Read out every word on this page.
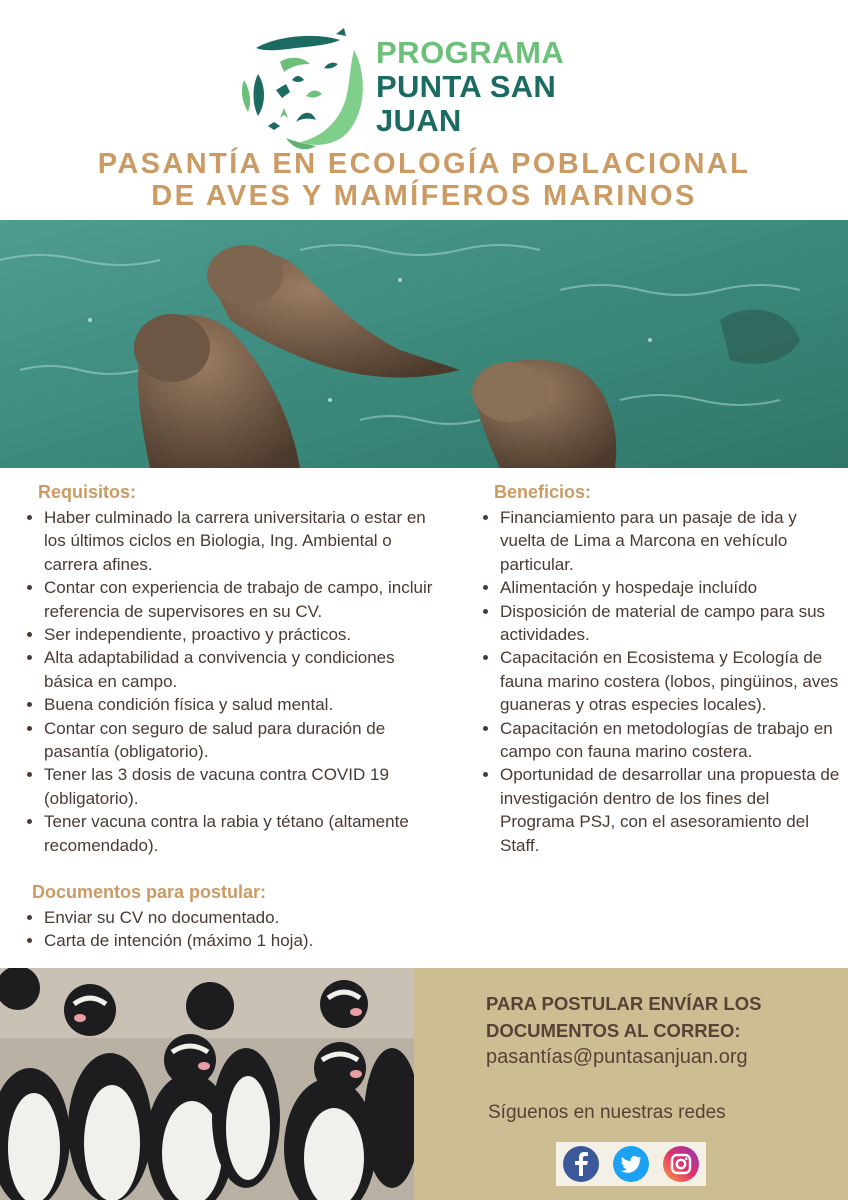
PROGRAMA
PUNTA SAN JUAN
PASANTÍA EN ECOLOGÍA POBLACIONAL
DE AVES Y MAMÍFEROS MARINOS
Requisitos:
• Haber culminado la carrera universitaria o estar en los últimos ciclos en Biologia, Ing. Ambiental o carrera afines.
• Contar con experiencia de trabajo de campo, incluir referencia de supervisores en su CV.
• Ser independiente, proactivo y prácticos.
• Alta adaptabilidad a convivencia y condiciones básica en campo.
• Buena condición física y salud mental.
• Contar con seguro de salud para duración de pasantía (obligatorio).
• Tener las 3 dosis de vacuna contra COVID 19 (obligatorio).
• Tener vacuna contra la rabia y tétano (altamente recomendado).
Beneficios:
• Financiamiento para un pasaje de ida y vuelta de Lima a Marcona en vehículo particular.
• Alimentación y hospedaje incluído
• Disposición de material de campo para sus actividades.
• Capacitación en Ecosistema y Ecología de fauna marino costera (lobos, pingüinos, aves guaneras y otras especies locales).
• Capacitación en metodologías de trabajo en campo con fauna marino costera.
• Oportunidad de desarrollar una propuesta de investigación dentro de los fines del Programa PSJ, con el asesoramiento del Staff.
Documentos para postular:
• Enviar su CV no documentado.
• Carta de intención (máximo 1 hoja).
PARA POSTULAR ENVÍAR LOS
DOCUMENTOS AL CORREO:
pasantías@puntasanjuan.org
Síguenos en nuestras redes
